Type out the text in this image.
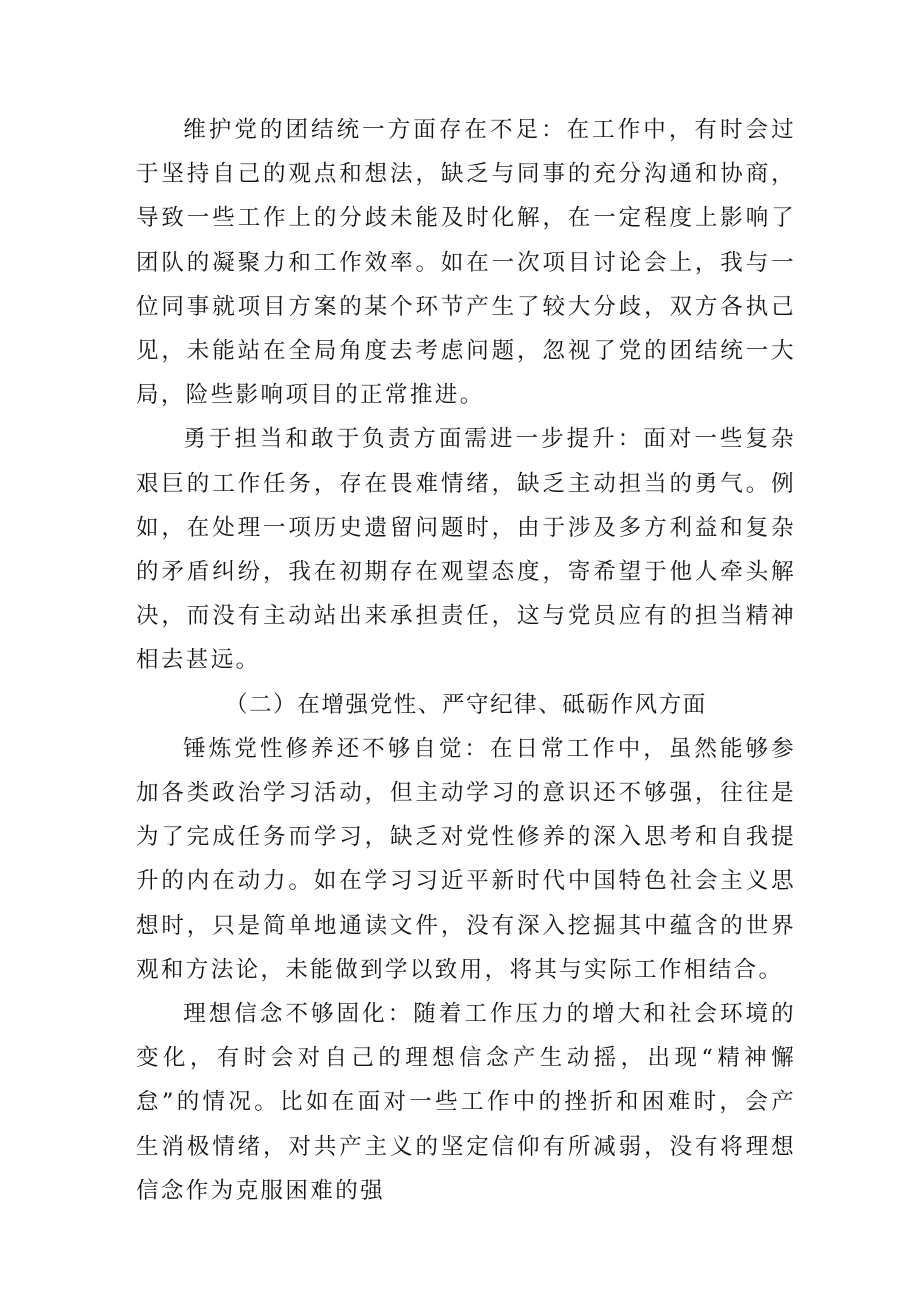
维护党的团结统一方面存在不足：在工作中，有时会过于坚持自己的观点和想法，缺乏与同事的充分沟通和协商，导致一些工作上的分歧未能及时化解，在一定程度上影响了团队的凝聚力和工作效率。如在一次项目讨论会上，我与一位同事就项目方案的某个环节产生了较大分歧，双方各执己见，未能站在全局角度去考虑问题，忽视了党的团结统一大局，险些影响项目的正常推进。

勇于担当和敢于负责方面需进一步提升：面对一些复杂艰巨的工作任务，存在畏难情绪，缺乏主动担当的勇气。例如，在处理一项历史遗留问题时，由于涉及多方利益和复杂的矛盾纠纷，我在初期存在观望态度，寄希望于他人牵头解决，而没有主动站出来承担责任，这与党员应有的担当精神相去甚远。

（二）在增强党性、严守纪律、砥砺作风方面

锤炼党性修养还不够自觉：在日常工作中，虽然能够参加各类政治学习活动，但主动学习的意识还不够强，往往是为了完成任务而学习，缺乏对党性修养的深入思考和自我提升的内在动力。如在学习习近平新时代中国特色社会主义思想时，只是简单地通读文件，没有深入挖掘其中蕴含的世界观和方法论，未能做到学以致用，将其与实际工作相结合。

理想信念不够固化：随着工作压力的增大和社会环境的变化，有时会对自己的理想信念产生动摇，出现“精神懈怠”的情况。比如在面对一些工作中的挫折和困难时，会产生消极情绪，对共产主义的坚定信仰有所减弱，没有将理想信念作为克服困难的强
